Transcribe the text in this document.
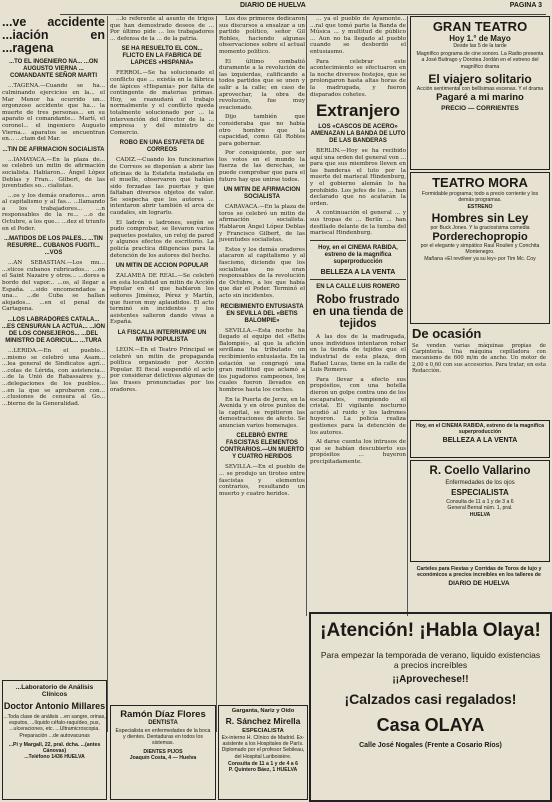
DIARIO DE HUELVA	PAGINA 3
...ve accidente ...iación en ...ragena
...TO EL INGENIERO NA... ...ON AUGUSTO VIERNA ... COMANDANTE SEÑOR MARTI

...TAGENA.—Cuando se ha... culminando ejercicios en la... el Mar Menor ha ocurrido un... ergonzoso accidente que ha... la muerte de tres personas... en su aparato el comandante... Martí, el coronel... el ingeniero Augusto Vierna... aparatos se encuentran en... ...ctam del Mar.

...TIN DE AFIRMACION SOCIALISTA

...IAMAYACA.—En la plaza de... se celebró un mitin de afirmación socialista. Hablaron... Ángel López Deblas y Fran... Gilbert, de las juventudes so... cialistas.

...os y los demás oradores... aron al capitalismo y al fas... ...llamando a los trabajadores... ...n responsables de la re... ...o de Octubre, a los que... ...dez el triunfo en el Poder.

...MATIDOS DE LOS PALES... ...TIN RESURRE... CUBANOS FUGITI... ...VOS

...AN SEBASTIAN.—Los mu... ...sticos cubanos rubricados... ...on el Saint Nazaire y otros... ...dores a bordo del vapor... ...os, al llegar a España. ...sido encomendados a una... ...de Cuba se hallan alojados... ...en el penal de Cartagena.

...LOS LABRADORES CATALA... ...ES CENSURAN LA ACTUA... ...ION DE LOS CONSEJEROS... ...DEL MINISTRO DE AGRICUL... ...TURA

...LERIDA.—En el pueblo... ...mismo se celebró una Asam... ...lea general de Sindicatos agrí... ...colas de Lérida, con asistencia... ...de la Unió de Rabassaires y... ...delegaciones de los pueblos... ...en la que se aprobaron con... ...clusiones de censura al Go... ...bierno de la Generalidad.

...Laboratorio de Análisis Clínicos
Doctor Antonio Millares
...Toda clase de análisis ...en sangre, orinas, esputos, ...líquido céfalo-raquídeo, pus, ...ulceraciones, etc. ...Ultramicroscopia. Preparación ...de autovacunas
...Pi y Margall, 22, pral. dcha. ...(antes Cánovas)
...Teléfono 1436 HUELVA

...lo referente al asunto de trigos que han demostrado deseos de ... Por último pide ... los trabajadores ... defensa de la ... de la patria.

SE HA RESUELTO EL CON... FLICTO EN LA FABRICA DE LAPICES «HISPANIA»

FERROL.—Se ha solucionado el conflicto que ... existía en la fábrica de lápices «Hispania» por falta de contingente de materias primas. Hoy, se reanudará el trabajo normalmente y el conflicto queda totalmente solucionado por ... la intervención del director de la ... empresa y del ministro de Comercio.

ROBO EN UNA ESTAFETA DE CORREOS

CADIZ.—Cuando los funcionarios de Correos se disponían a abrir las oficinas de la Estafeta instalada en el muelle, observaron que habían sido forzadas las puertas y que faltaban diversos objetos de valor. Se sospecha que los autores ... intentaron abrir también el arca de caudales, sin lograrlo.

El ladrón o ladrones, según se pudo comprobar, se llevaron varios paquetes postales, un reloj de pared y algunos efectos de escritorio. La policía practica diligencias para la detención de los autores del hecho.

UN MITIN DE ACCION POPULAR

ZALAMEA DE REAL.—Se celebró en esta localidad un mitin de Acción Popular en el que hablaron los señores Jiménez, Pérez y Martín, que fueron muy aplaudidos. El acto terminó sin incidentes y los asistentes salieron dando vivas a España.

LA FISCALIA INTERRUMPE UN MITIN POPULISTA

LEON.—En el Teatro Principal se celebró un mitin de propaganda política organizado por Acción Popular. El fiscal suspendió el acto por considerar delictivas algunas de las frases pronunciadas por los oradores.

Ramón Díaz Flores
DENTISTA
Especialista en enfermedades de la boca y dientes. Dentaduras en todos los sistemas.
DIENTES PIJOS
Joaquín Costa, 4 — Huelva

Los dos primeros dedicaron sus discursos a ensalzar a un partido político, señor Gil Robles, haciendo algunas observaciones sobre el actual momento político.

El último combatió duramente a la revolución de las izquierdas, calificando a todos partidos que se unen y salir a la calle; en caso de aprovechar, la obra de revolución, fue muy ovacionado.

Dijo también que consideraba que no había otro hombre que la capacidad, como Gil Robles para gobernar.

Por consiguiente, por ser los votos en el mundo la fuerza de las derechas, se puede comprobar que para el futuro hay que unirse todos.

UN MITIN DE AFIRMACION SOCIALISTA

CARAVACA.—En la plaza de toros se celebró un mitin de afirmación socialista. Hablaron Ángel López Deblas y Francisco Gilbert, de las juventudes socialistas.

Estos y los demás oradores atacaron al capitalismo y al fascismo, diciendo que los socialistas no eran responsables de la revolución de Octubre, a los que había que dar el Poder. Terminó el acto sin incidentes.

RECIBIMIENTO ENTUSIASTA EN SEVILLA DEL «BETIS BALOMPIE»

SEVILLA.—Esta noche ha llegado el equipo del «Betis Balompié», al que la afición sevillana ha tributado un recibimiento entusiasta. En la estación se congregó una gran multitud que aclamó a los jugadores campeones, los cuales fueron llevados en hombros hasta los coches.

En la Puerta de Jerez, en la Avenida y en otros puntos de la capital, se repitieron las demostraciones de afecto. Se anuncian varios homenajes.

CELEBRÓ ENTRE FASCISTAS ELEMENTOS CONTRARIOS.—UN MUERTO Y CUATRO HERIDOS

SEVILLA.—En el pueblo de ... se produjo un tiroteo entre fascistas y elementos contrarios, resultando un muerto y cuatro heridos.

Garganta, Nariz y Oído
R. Sánchez Mirella
ESPECIALISTA
Ex-interno H. Clínico de Madrid. Ex-asistente a los Hospitales de París. Diplomado por el profesor Sebileau, del Hospital Lariboisière.
Consulta de 11 a 1 y de 4 a 6
P. Quintero Báez, 1 HUELVA

... ya el pueblo de Ayamonte... ...ral que tomó parte la Banda de Música ... y multitud de público ... Aun no ha llegado al pueblo cuando se desbordó el entusiasmo.

Para celebrar este acontecimiento se efectuaron en la noche diversos festejos, que se prolongaron hasta altas horas de la madrugada, y fueron disparados cohetes.

Extranjero
LOS «CASCOS DE ACERO» AMENAZAN LA BANDA DE LUTO DE LAS BANDERAS

BERLIN.—Hoy se ha recibido aquí una orden del general von ... para que sus miembros lleven en las banderas el luto por la muerte del mariscal Hindenburg, y el gobierno alemán lo ha prohibido. Los jefes de los ... han declarado que no acatarán la orden.

A continuación el general ... y sus tropas de ... Berlín ... han desfilado delante de la tumba del mariscal Hindenburg.

Hoy, en el CINEMA RABIDA, estreno de la magnífica superproducción
BELLEZA A LA VENTA
EN LA CALLE LUIS ROMERO
Robo frustrado en una tienda de tejidos

A las dos de la madrugada, unos individuos intentaron robar en la tienda de tejidos que el industrial de esta plaza, don Rafael Lucas, tiene en la calle de Luis Romero.

Para llevar a efecto sus propósitos, con una botella dieron un golpe contra uno de los escaparates, rompiendo el cristal. El vigilante nocturno acudió al ruido y los ladrones huyeron. La policía realiza gestiones para la detención de los autores.

Al darse cuenta los intrusos de que se habían descubierto sus propósitos ... huyeron precipitadamente.

GRAN TEATRO
Hoy 1.° de Mayo
Desde las 5 de la tarde
Magnífico programa de cine sonoro. La Radio presenta a José Buitrago y Dorotea Jordán en el estreno del magnífico drama
El viajero solitario
Acción sentimental con bellísimas escenas. Y el drama
Pagaré a mi marino
PRECIO — CORRIENTES
TEATRO MORA
Formidable programa; todo a precio corriente y los demás programas.
ESTRENO
Hombres sin Ley
por Buck Jones. Y la graciosísima comedia
Porderechopropio
por el elegante y simpático Raul Roulien y Conchita Montenegro.
Mañana «El revólver ya su ley» por Tim Mc. Coy
De ocasión
Se venden varias máquinas propias de Carpintería. Una máquina cepilladora con mecanismo de 600 m/m de ancho. Un motor de 2,00 x 0,60 con sus accesorios. Para tratar, en esta Redacción.
Hoy, en el CINEMA RABIDA, estreno de la magnífica superproducción
BELLEZA A LA VENTA
R. Coello Vallarino
Enfermedades de los ojos
ESPECIALISTA
Consulta de 11 a 1 y de 3 a 6
General Bernal núm. 1, pral.
HUELVA
Carteles para Fiestas y Corridas de Toros de lujo y económicos a precios increíbles en los talleres de
DIARIO DE HUELVA
¡Atención! ¡Habla Olaya!
Para empezar la temporada de verano, liquido existencias a precios increíbles
¡¡Aprovechese!!
¡Calzados casi regalados!
Casa OLAYA
Calle José Nogales (Frente a Cosario Ríos)
